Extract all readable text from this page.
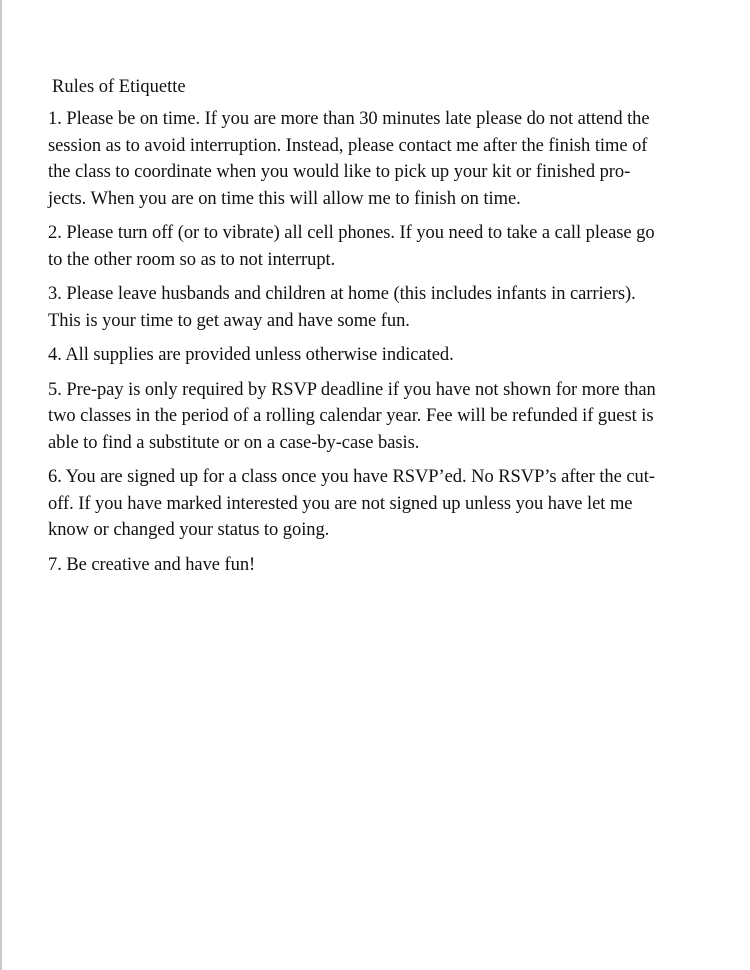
Rules of Etiquette
1. Please be on time. If you are more than 30 minutes late please do not attend the
session as to avoid interruption. Instead, please contact me after the finish time of
the class to coordinate when you would like to pick up your kit or finished pro-
jects. When you are on time this will allow me to finish on time.
2. Please turn off (or to vibrate) all cell phones. If you need to take a call please go
to the other room so as to not interrupt.
3. Please leave husbands and children at home (this includes infants in carriers).
This is your time to get away and have some fun.
4. All supplies are provided unless otherwise indicated.
5. Pre-pay is only required by RSVP deadline if you have not shown for more than
two classes in the period of a rolling calendar year. Fee will be refunded if guest is
able to find a substitute or on a case-by-case basis.
6. You are signed up for a class once you have RSVP’ed. No RSVP’s after the cut-
off. If you have marked interested you are not signed up unless you have let me
know or changed your status to going.
7. Be creative and have fun!
